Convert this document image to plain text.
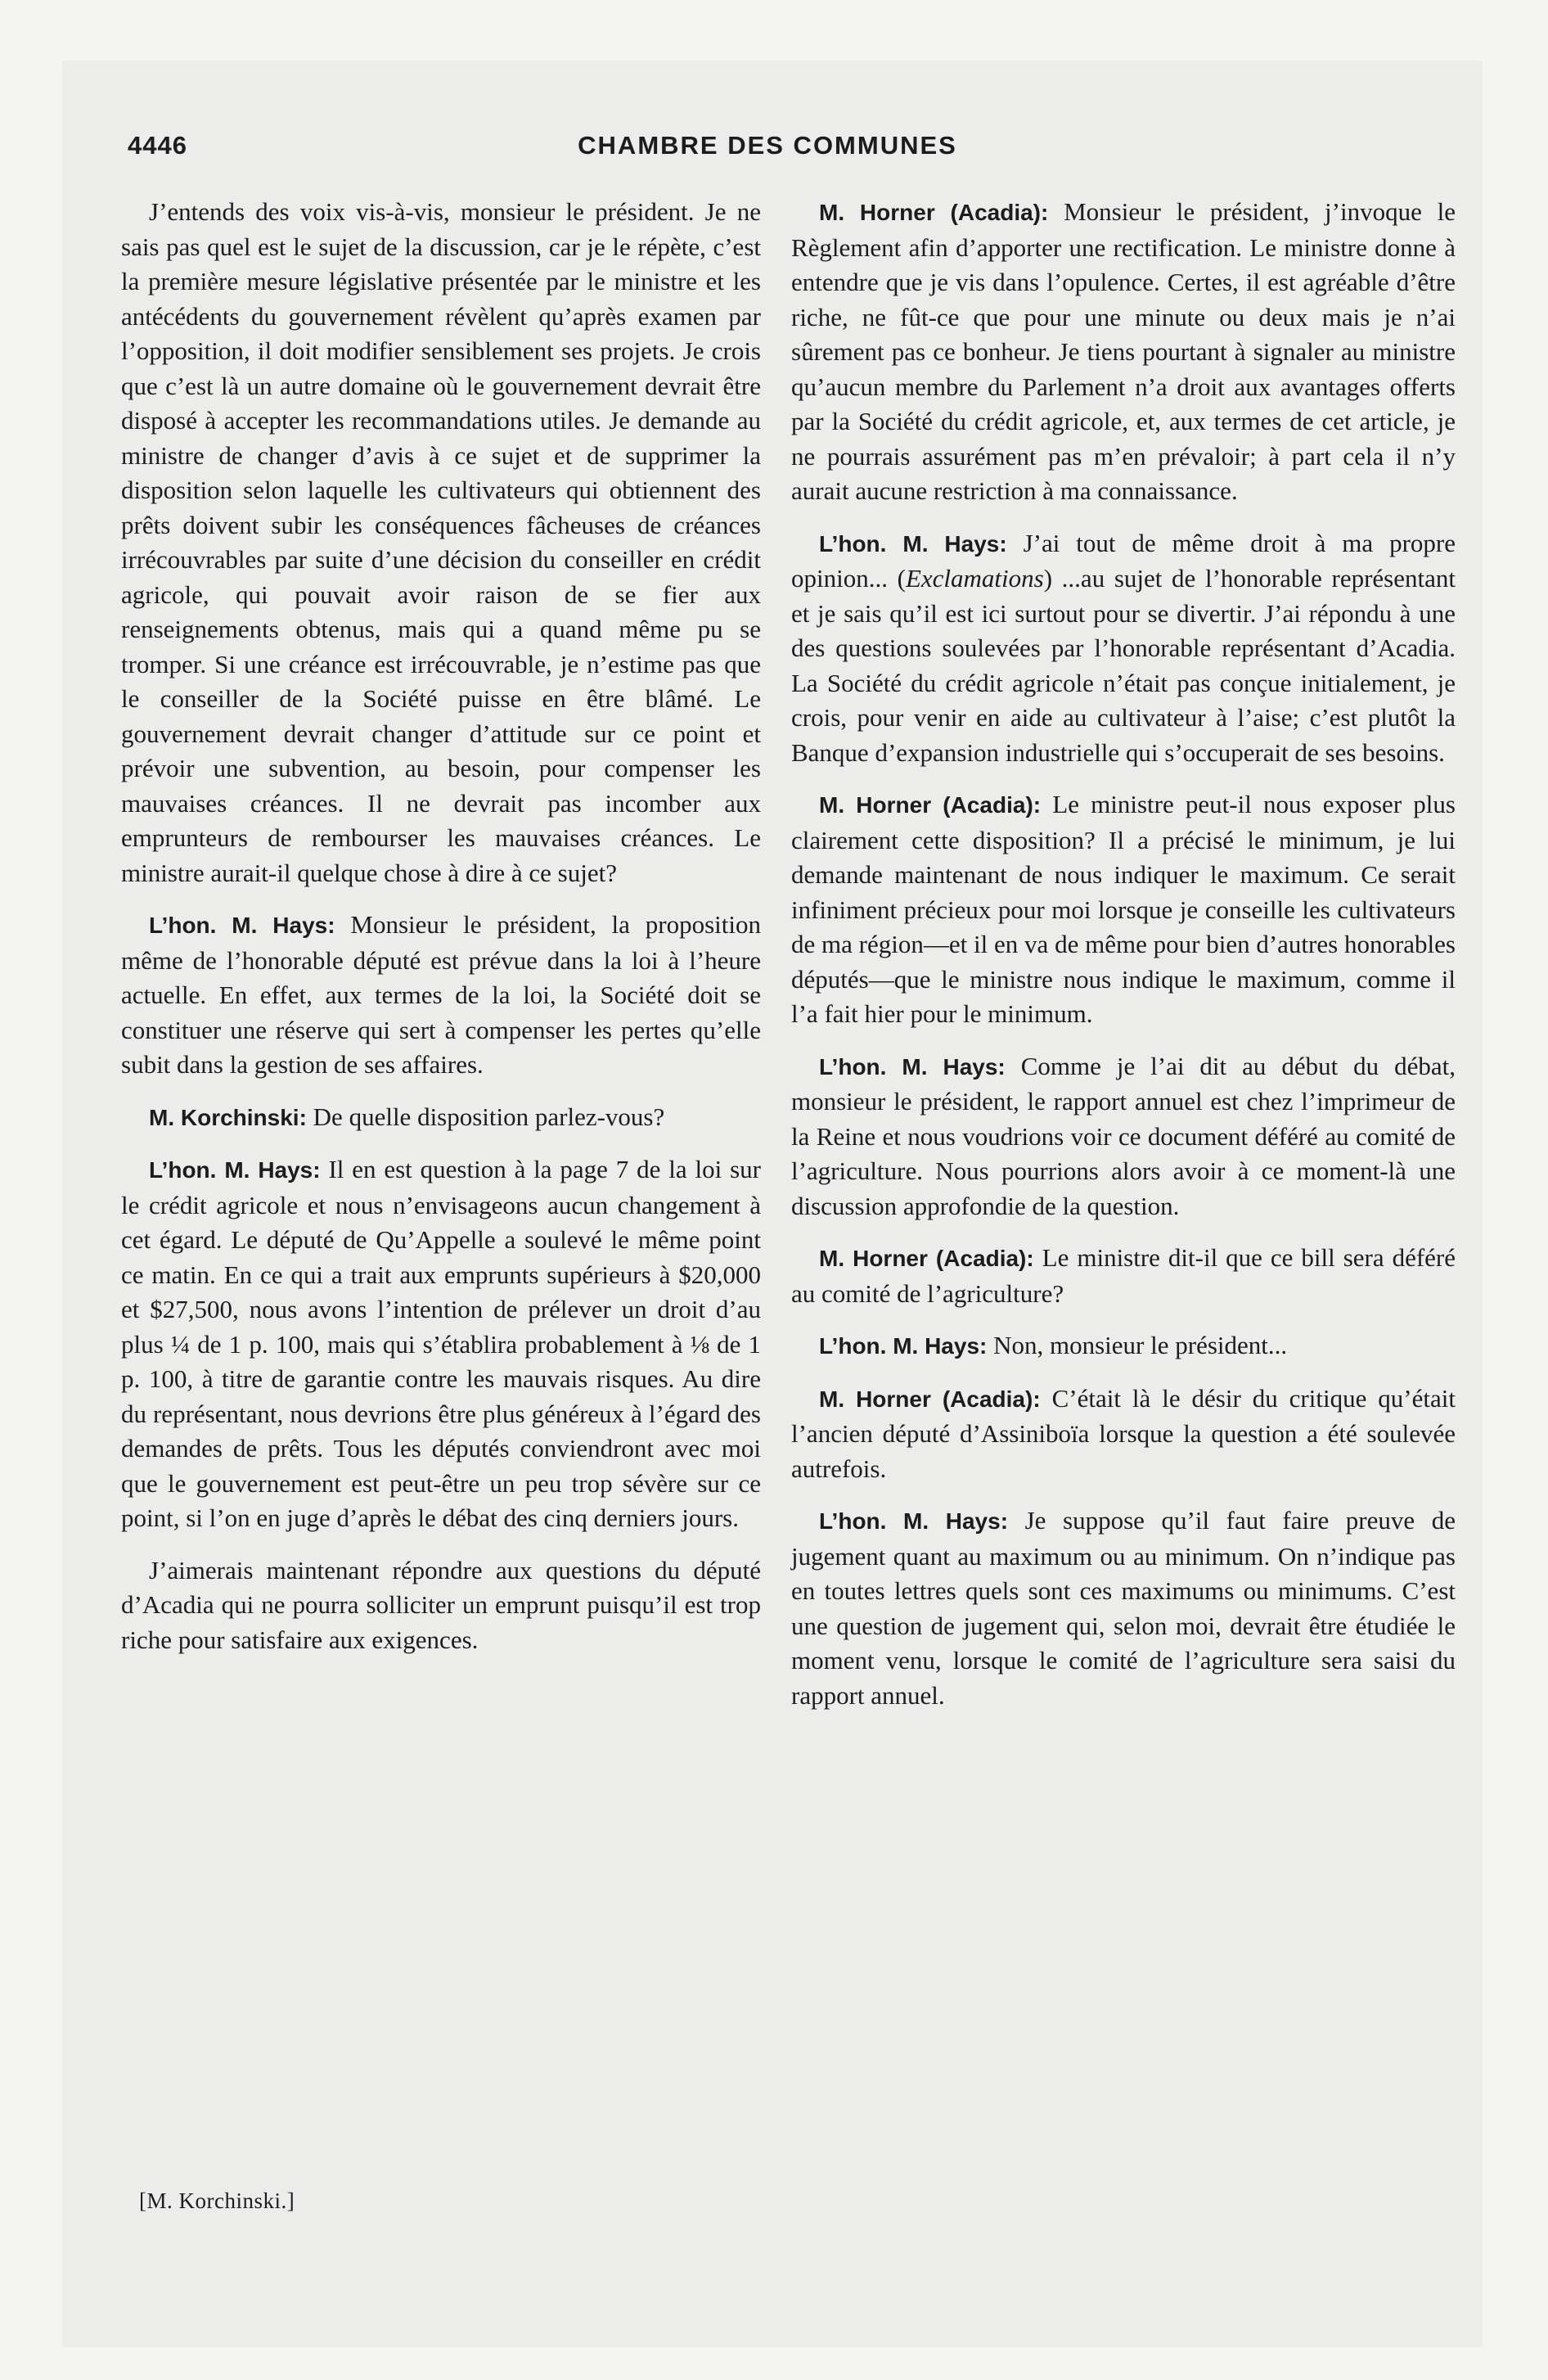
4446	CHAMBRE DES COMMUNES

J’entends des voix vis-à-vis, monsieur le président. Je ne sais pas quel est le sujet de la discussion, car je le répète, c’est la première mesure législative présentée par le ministre et les antécédents du gouvernement révèlent qu’après examen par l’opposition, il doit modifier sensiblement ses projets. Je crois que c’est là un autre domaine où le gouvernement devrait être disposé à accepter les recommandations utiles. Je demande au ministre de changer d’avis à ce sujet et de supprimer la disposition selon laquelle les cultivateurs qui obtiennent des prêts doivent subir les conséquences fâcheuses de créances irrécouvrables par suite d’une décision du conseiller en crédit agricole, qui pouvait avoir raison de se fier aux renseignements obtenus, mais qui a quand même pu se tromper. Si une créance est irrécouvrable, je n’estime pas que le conseiller de la Société puisse en être blâmé. Le gouvernement devrait changer d’attitude sur ce point et prévoir une subvention, au besoin, pour compenser les mauvaises créances. Il ne devrait pas incomber aux emprunteurs de rembourser les mauvaises créances. Le ministre aurait-il quelque chose à dire à ce sujet?

L’hon. M. Hays: Monsieur le président, la proposition même de l’honorable député est prévue dans la loi à l’heure actuelle. En effet, aux termes de la loi, la Société doit se constituer une réserve qui sert à compenser les pertes qu’elle subit dans la gestion de ses affaires.

M. Korchinski: De quelle disposition parlez-vous?

L’hon. M. Hays: Il en est question à la page 7 de la loi sur le crédit agricole et nous n’envisageons aucun changement à cet égard. Le député de Qu’Appelle a soulevé le même point ce matin. En ce qui a trait aux emprunts supérieurs à $20,000 et $27,500, nous avons l’intention de prélever un droit d’au plus ¼ de 1 p. 100, mais qui s’établira probablement à ⅛ de 1 p. 100, à titre de garantie contre les mauvais risques. Au dire du représentant, nous devrions être plus généreux à l’égard des demandes de prêts. Tous les députés conviendront avec moi que le gouvernement est peut-être un peu trop sévère sur ce point, si l’on en juge d’après le débat des cinq derniers jours.

J’aimerais maintenant répondre aux questions du député d’Acadia qui ne pourra solliciter un emprunt puisqu’il est trop riche pour satisfaire aux exigences.

[M. Korchinski.]

M. Horner (Acadia): Monsieur le président, j’invoque le Règlement afin d’apporter une rectification. Le ministre donne à entendre que je vis dans l’opulence. Certes, il est agréable d’être riche, ne fût-ce que pour une minute ou deux mais je n’ai sûrement pas ce bonheur. Je tiens pourtant à signaler au ministre qu’aucun membre du Parlement n’a droit aux avantages offerts par la Société du crédit agricole, et, aux termes de cet article, je ne pourrais assurément pas m’en prévaloir; à part cela il n’y aurait aucune restriction à ma connaissance.

L’hon. M. Hays: J’ai tout de même droit à ma propre opinion... (Exclamations) ...au sujet de l’honorable représentant et je sais qu’il est ici surtout pour se divertir. J’ai répondu à une des questions soulevées par l’honorable représentant d’Acadia. La Société du crédit agricole n’était pas conçue initialement, je crois, pour venir en aide au cultivateur à l’aise; c’est plutôt la Banque d’expansion industrielle qui s’occuperait de ses besoins.

M. Horner (Acadia): Le ministre peut-il nous exposer plus clairement cette disposition? Il a précisé le minimum, je lui demande maintenant de nous indiquer le maximum. Ce serait infiniment précieux pour moi lorsque je conseille les cultivateurs de ma région—et il en va de même pour bien d’autres honorables députés—que le ministre nous indique le maximum, comme il l’a fait hier pour le minimum.

L’hon. M. Hays: Comme je l’ai dit au début du débat, monsieur le président, le rapport annuel est chez l’imprimeur de la Reine et nous voudrions voir ce document déféré au comité de l’agriculture. Nous pourrions alors avoir à ce moment-là une discussion approfondie de la question.

M. Horner (Acadia): Le ministre dit-il que ce bill sera déféré au comité de l’agriculture?

L’hon. M. Hays: Non, monsieur le président...

M. Horner (Acadia): C’était là le désir du critique qu’était l’ancien député d’Assiniboïa lorsque la question a été soulevée autrefois.

L’hon. M. Hays: Je suppose qu’il faut faire preuve de jugement quant au maximum ou au minimum. On n’indique pas en toutes lettres quels sont ces maximums ou minimums. C’est une question de jugement qui, selon moi, devrait être étudiée le moment venu, lorsque le comité de l’agriculture sera saisi du rapport annuel.
